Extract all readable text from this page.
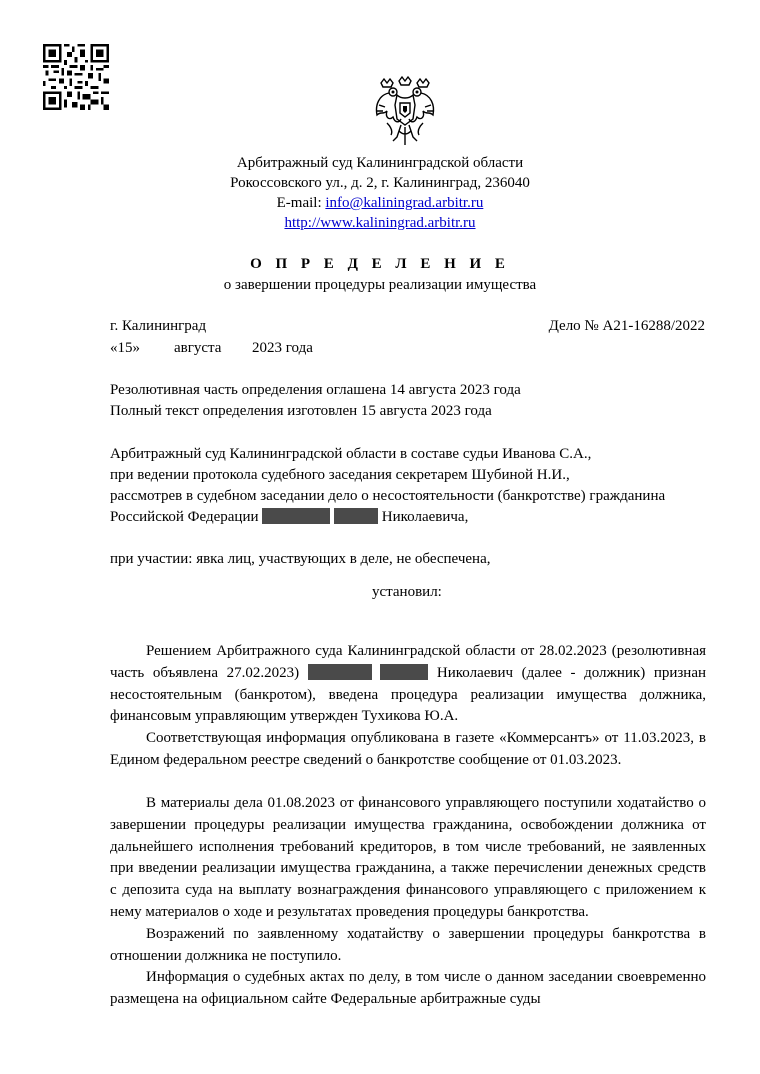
Арбитражный суд Калининградской области
Рокоссовского ул., д. 2, г. Калининград, 236040
E-mail: info@kaliningrad.arbitr.ru
http://www.kaliningrad.arbitr.ru
О П Р Е Д Е Л Е Н И Е
о завершении процедуры реализации имущества
г. Калининград	Дело № А21-16288/2022
«15» августа 2023 года
Резолютивная часть определения оглашена 14 августа 2023 года
Полный текст определения изготовлен 15 августа 2023 года
Арбитражный суд Калининградской области в составе судьи Иванова С.А.,
при ведении протокола судебного заседания секретарем Шубиной Н.И.,
рассмотрев в судебном заседании дело о несостоятельности (банкротстве) гражданина
Российской Федерации	Николаевича,
при участии: явка лиц, участвующих в деле, не обеспечена,
установил:

Решением Арбитражного суда Калининградской области от 28.02.2023 (резолютивная часть объявлена 27.02.2023)	Николаевич (далее - должник) признан несостоятельным (банкротом), введена процедура реализации имущества должника, финансовым управляющим утвержден Тухикова Ю.А.

Соответствующая информация опубликована в газете «Коммерсантъ» от 11.03.2023, в Едином федеральном реестре сведений о банкротстве сообщение от 01.03.2023.

В материалы дела 01.08.2023 от финансового управляющего поступили ходатайство о завершении процедуры реализации имущества гражданина, освобождении должника от дальнейшего исполнения требований кредиторов, в том числе требований, не заявленных при введении реализации имущества гражданина, а также перечислении денежных средств с депозита суда на выплату вознаграждения финансового управляющего с приложением к нему материалов о ходе и результатах проведения процедуры банкротства.

Возражений по заявленному ходатайству о завершении процедуры банкротства в отношении должника не поступило.

Информация о судебных актах по делу, в том числе о данном заседании своевременно размещена на официальном сайте Федеральные арбитражные суды
